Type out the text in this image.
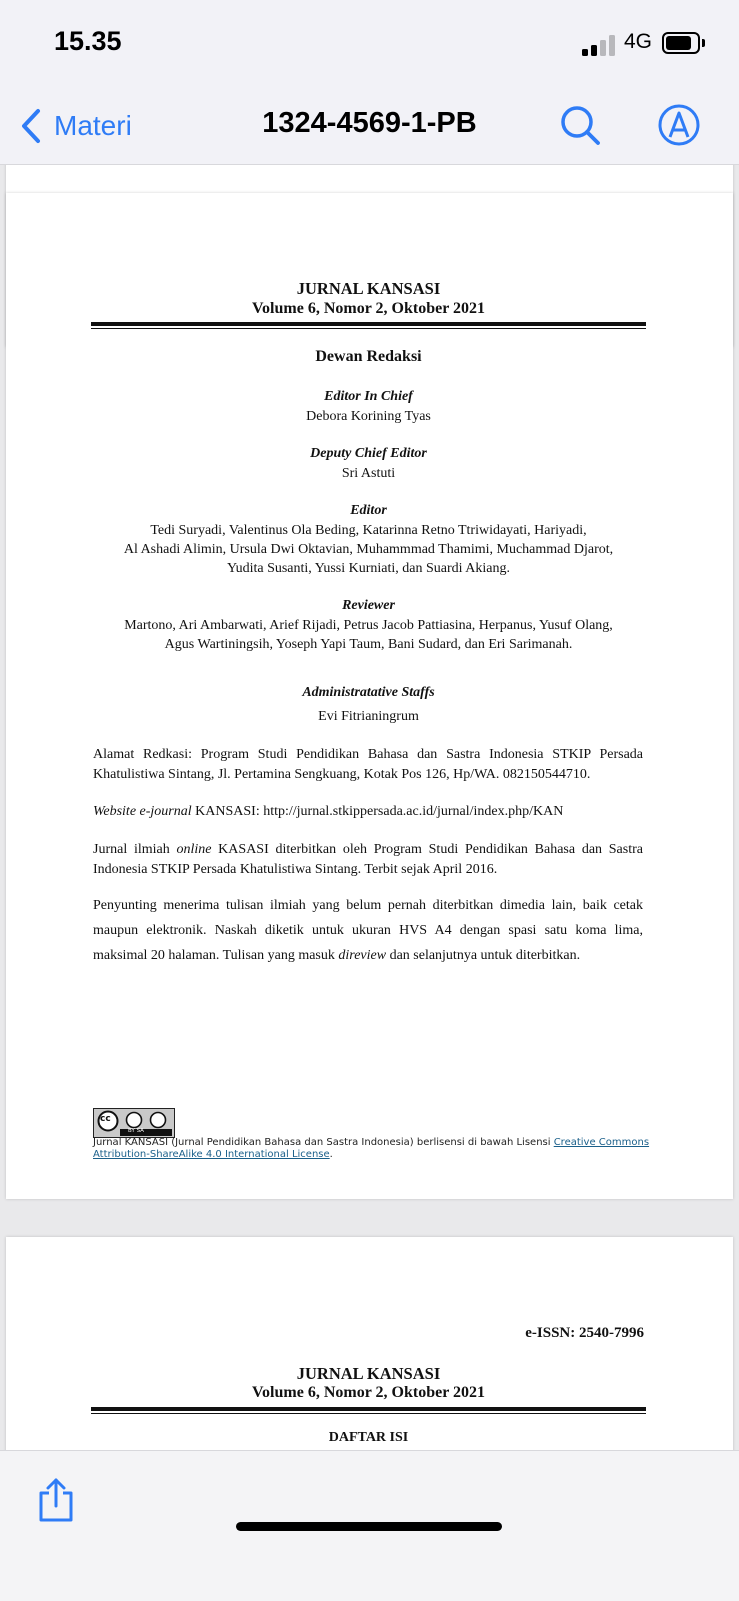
15.35	4G
1324-4569-1-PB
Materi
JURNAL KANSASI
Volume 6, Nomor 2, Oktober 2021
Dewan Redaksi
Editor In Chief
Debora Korining Tyas
Deputy Chief Editor
Sri Astuti
Editor
Tedi Suryadi, Valentinus Ola Beding, Katarinna Retno Ttriwidayati, Hariyadi,
Al Ashadi Alimin, Ursula Dwi Oktavian, Muhammmad Thamimi, Muchammad Djarot,
Yudita Susanti, Yussi Kurniati, dan Suardi Akiang.
Reviewer
Martono, Ari Ambarwati, Arief Rijadi, Petrus Jacob Pattiasina, Herpanus, Yusuf Olang,
Agus Wartiningsih, Yoseph Yapi Taum, Bani Sudard, dan Eri Sarimanah.
Administratative Staffs
Evi Fitrianingrum
Alamat Redkasi: Program Studi Pendidikan Bahasa dan Sastra Indonesia STKIP Persada Khatulistiwa Sintang, Jl. Pertamina Sengkuang, Kotak Pos 126, Hp/WA. 082150544710.
Website e-journal KANSASI: http://jurnal.stkippersada.ac.id/jurnal/index.php/KAN
Jurnal ilmiah online KASASI diterbitkan oleh Program Studi Pendidikan Bahasa dan Sastra Indonesia STKIP Persada Khatulistiwa Sintang. Terbit sejak April 2016.
Penyunting menerima tulisan ilmiah yang belum pernah diterbitkan dimedia lain, baik cetak maupun elektronik. Naskah diketik untuk ukuran HVS A4 dengan spasi satu koma lima, maksimal 20 halaman. Tulisan yang masuk direview dan selanjutnya untuk diterbitkan.
BY SA
cc
Jurnal KANSASI (Jurnal Pendidikan Bahasa dan Sastra Indonesia) berlisensi di bawah Lisensi Creative Commons Attribution-ShareAlike 4.0 International License.
e-ISSN: 2540-7996
JURNAL KANSASI
Volume 6, Nomor 2, Oktober 2021
DAFTAR ISI
